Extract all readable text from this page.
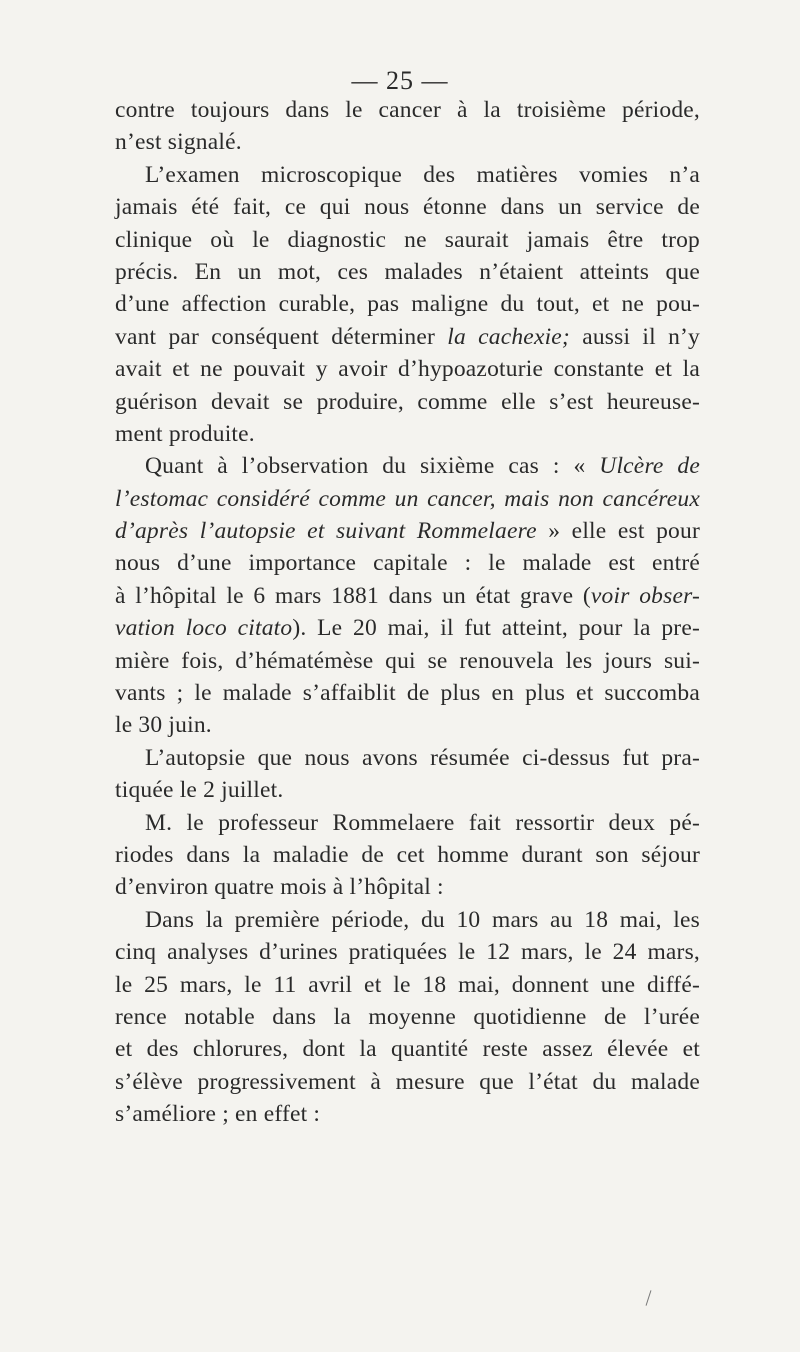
— 25 —
contre toujours dans le cancer à la troisième période,
n’est signalé.
L’examen microscopique des matières vomies n’a
jamais été fait, ce qui nous étonne dans un service de
clinique où le diagnostic ne saurait jamais être trop
précis. En un mot, ces malades n’étaient atteints que
d’une affection curable, pas maligne du tout, et ne pou-
vant par conséquent déterminer la cachexie; aussi il n’y
avait et ne pouvait y avoir d’hypoazoturie constante et la
guérison devait se produire, comme elle s’est heureuse-
ment produite.
Quant à l’observation du sixième cas : « Ulcère de
l’estomac considéré comme un cancer, mais non cancéreux
d’après l’autopsie et suivant Rommelaere » elle est pour
nous d’une importance capitale : le malade est entré
à l’hôpital le 6 mars 1881 dans un état grave (voir obser-
vation loco citato). Le 20 mai, il fut atteint, pour la pre-
mière fois, d’hématémèse qui se renouvela les jours sui-
vants ; le malade s’affaiblit de plus en plus et succomba
le 30 juin.
L’autopsie que nous avons résumée ci-dessus fut pra-
tiquée le 2 juillet.
M. le professeur Rommelaere fait ressortir deux pé-
riodes dans la maladie de cet homme durant son séjour
d’environ quatre mois à l’hôpital :
Dans la première période, du 10 mars au 18 mai, les
cinq analyses d’urines pratiquées le 12 mars, le 24 mars,
le 25 mars, le 11 avril et le 18 mai, donnent une diffé-
rence notable dans la moyenne quotidienne de l’urée
et des chlorures, dont la quantité reste assez élevée et
s’élève progressivement à mesure que l’état du malade
s’améliore ; en effet :
